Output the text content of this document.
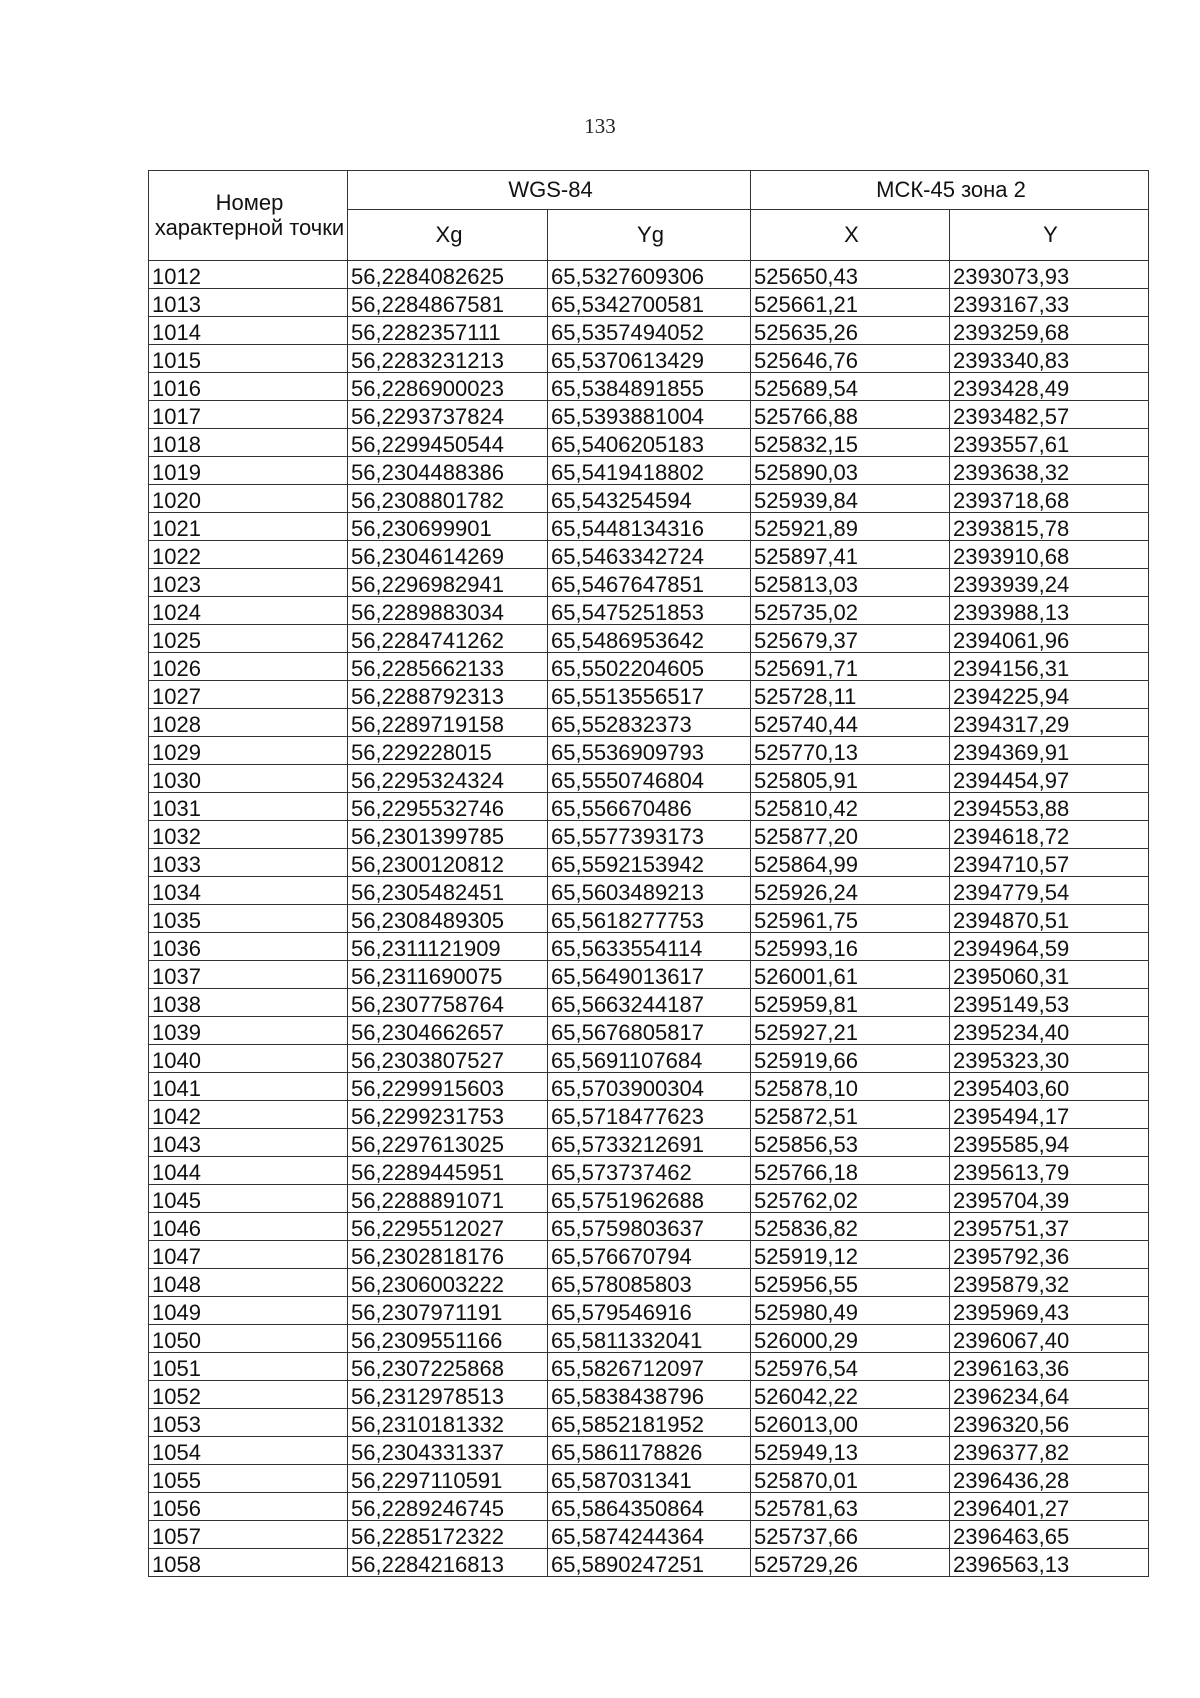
133
Номер характерной точки	WGS-84		МСК-45 зона 2	
	Xg	Yg	X	Y
1012	56,2284082625	65,5327609306	525650,43	2393073,93
1013	56,2284867581	65,5342700581	525661,21	2393167,33
1014	56,2282357111	65,5357494052	525635,26	2393259,68
1015	56,2283231213	65,5370613429	525646,76	2393340,83
1016	56,2286900023	65,5384891855	525689,54	2393428,49
1017	56,2293737824	65,5393881004	525766,88	2393482,57
1018	56,2299450544	65,5406205183	525832,15	2393557,61
1019	56,2304488386	65,5419418802	525890,03	2393638,32
1020	56,2308801782	65,543254594	525939,84	2393718,68
1021	56,230699901	65,5448134316	525921,89	2393815,78
1022	56,2304614269	65,5463342724	525897,41	2393910,68
1023	56,2296982941	65,5467647851	525813,03	2393939,24
1024	56,2289883034	65,5475251853	525735,02	2393988,13
1025	56,2284741262	65,5486953642	525679,37	2394061,96
1026	56,2285662133	65,5502204605	525691,71	2394156,31
1027	56,2288792313	65,5513556517	525728,11	2394225,94
1028	56,2289719158	65,552832373	525740,44	2394317,29
1029	56,229228015	65,5536909793	525770,13	2394369,91
1030	56,2295324324	65,5550746804	525805,91	2394454,97
1031	56,2295532746	65,556670486	525810,42	2394553,88
1032	56,2301399785	65,5577393173	525877,20	2394618,72
1033	56,2300120812	65,5592153942	525864,99	2394710,57
1034	56,2305482451	65,5603489213	525926,24	2394779,54
1035	56,2308489305	65,5618277753	525961,75	2394870,51
1036	56,2311121909	65,5633554114	525993,16	2394964,59
1037	56,2311690075	65,5649013617	526001,61	2395060,31
1038	56,2307758764	65,5663244187	525959,81	2395149,53
1039	56,2304662657	65,5676805817	525927,21	2395234,40
1040	56,2303807527	65,5691107684	525919,66	2395323,30
1041	56,2299915603	65,5703900304	525878,10	2395403,60
1042	56,2299231753	65,5718477623	525872,51	2395494,17
1043	56,2297613025	65,5733212691	525856,53	2395585,94
1044	56,2289445951	65,573737462	525766,18	2395613,79
1045	56,2288891071	65,5751962688	525762,02	2395704,39
1046	56,2295512027	65,5759803637	525836,82	2395751,37
1047	56,2302818176	65,576670794	525919,12	2395792,36
1048	56,2306003222	65,578085803	525956,55	2395879,32
1049	56,2307971191	65,579546916	525980,49	2395969,43
1050	56,2309551166	65,5811332041	526000,29	2396067,40
1051	56,2307225868	65,5826712097	525976,54	2396163,36
1052	56,2312978513	65,5838438796	526042,22	2396234,64
1053	56,2310181332	65,5852181952	526013,00	2396320,56
1054	56,2304331337	65,5861178826	525949,13	2396377,82
1055	56,2297110591	65,587031341	525870,01	2396436,28
1056	56,2289246745	65,5864350864	525781,63	2396401,27
1057	56,2285172322	65,5874244364	525737,66	2396463,65
1058	56,2284216813	65,5890247251	525729,26	2396563,13
